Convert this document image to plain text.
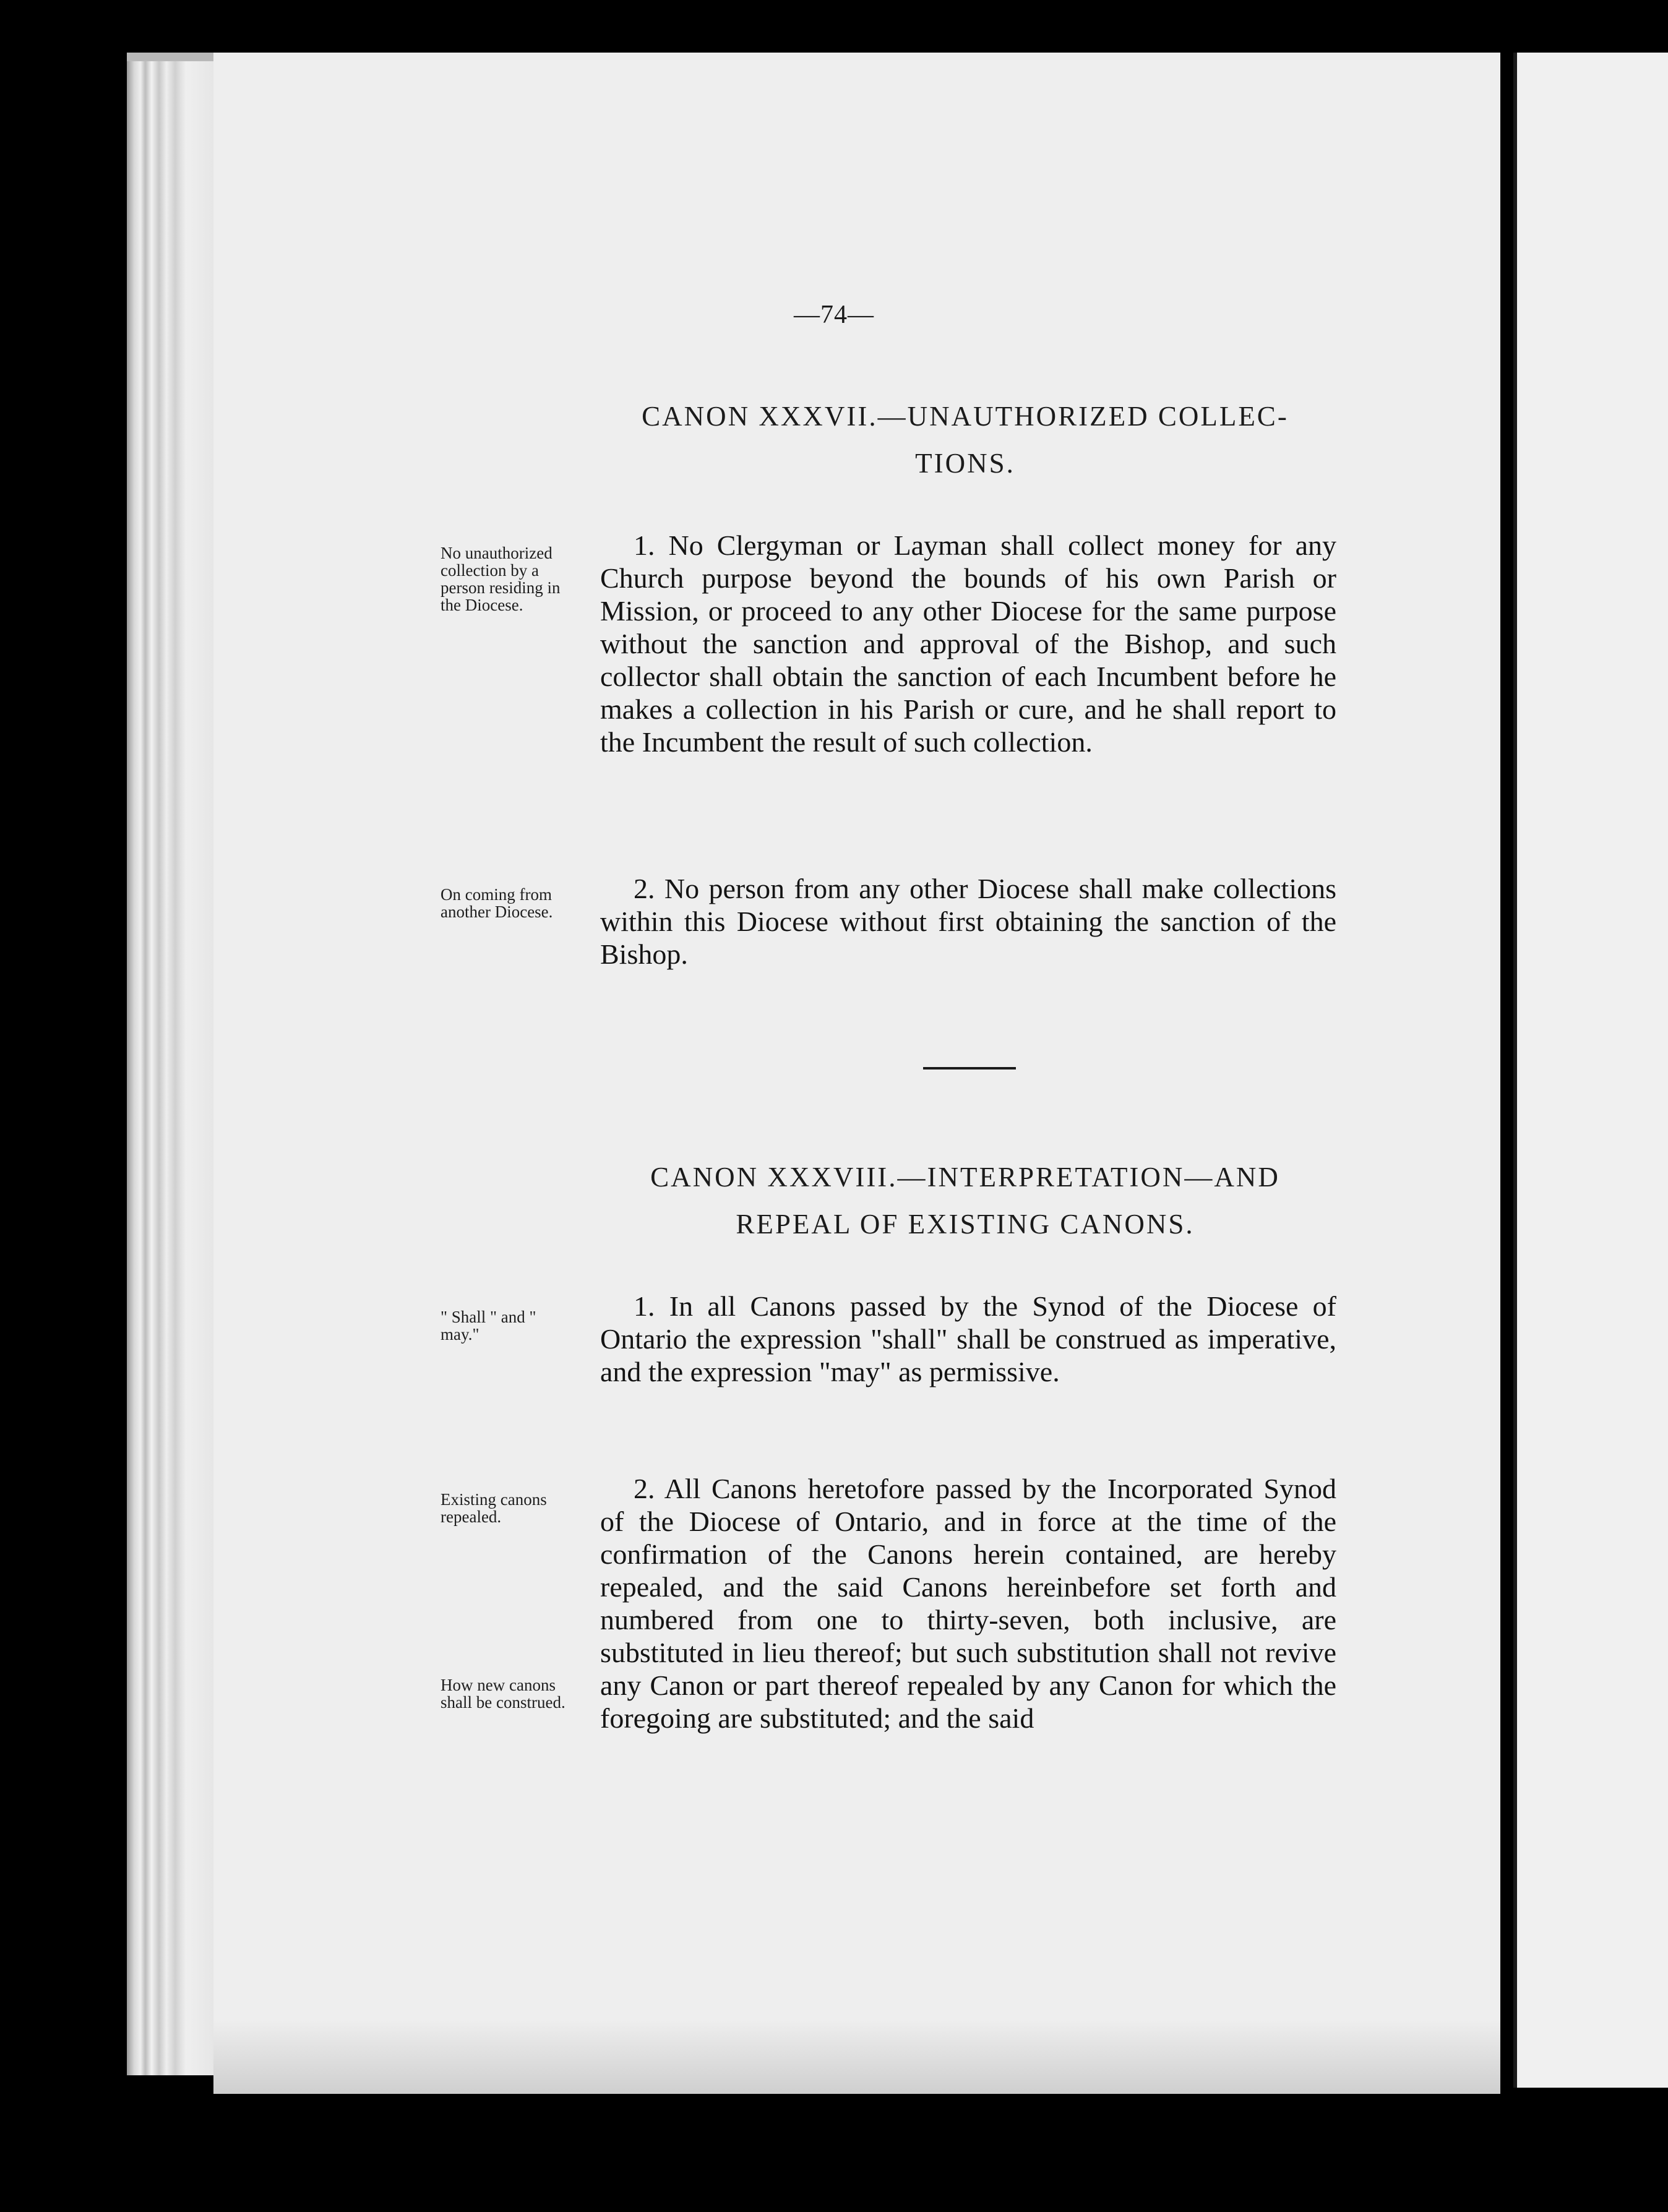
—74—
CANON XXXVII.—UNAUTHORIZED COLLEC-
TIONS.
No unauthorized collection by a person residing in the Diocese.
1. No Clergyman or Layman shall collect money for any Church purpose beyond the bounds of his own Parish or Mission, or proceed to any other Diocese for the same purpose without the sanction and approval of the Bishop, and such collector shall obtain the sanction of each Incumbent before he makes a collection in his Parish or cure, and he shall report to the Incumbent the result of such collection.
On coming from another Diocese.
2. No person from any other Diocese shall make collections within this Diocese without first obtaining the sanction of the Bishop.
CANON XXXVIII.—INTERPRETATION—AND
REPEAL OF EXISTING CANONS.
" Shall " and " may."
1. In all Canons passed by the Synod of the Diocese of Ontario the expression "shall" shall be construed as imperative, and the expression "may" as permissive.
Existing canons repealed.
How new canons shall be construed.
2. All Canons heretofore passed by the Incorporated Synod of the Diocese of Ontario, and in force at the time of the confirmation of the Canons herein contained, are hereby repealed, and the said Canons hereinbefore set forth and numbered from one to thirty-seven, both inclusive, are substituted in lieu thereof; but such substitution shall not revive any Canon or part thereof repealed by any Canon for which the foregoing are substituted; and the said
